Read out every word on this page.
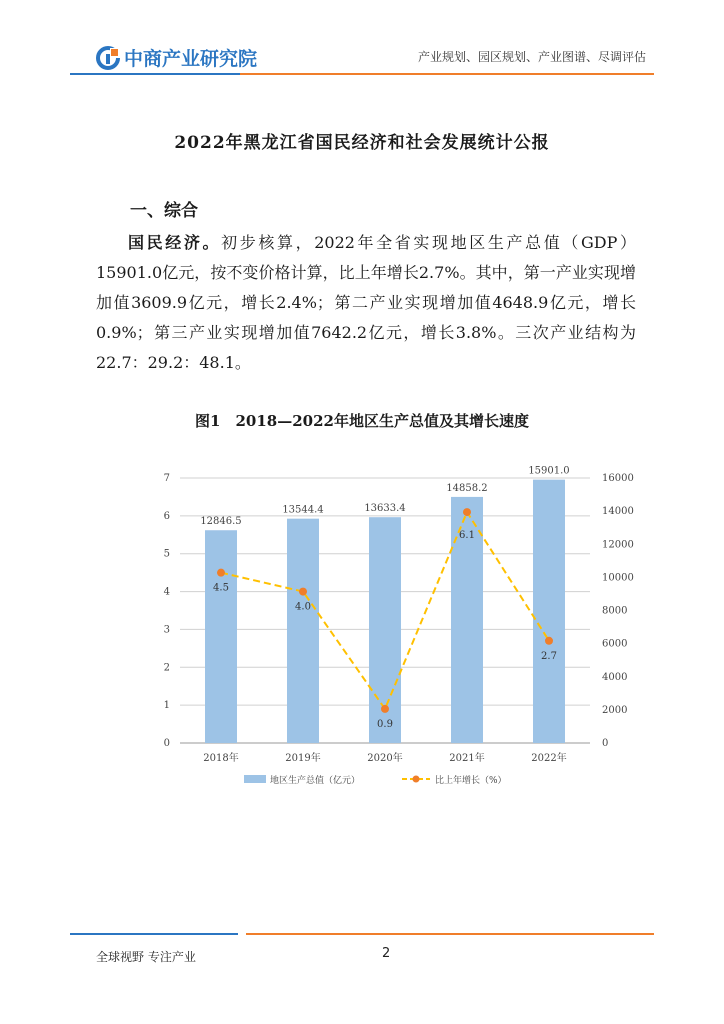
中商产业研究院	产业规划、园区规划、产业图谱、尽调评估
2022年黑龙江省国民经济和社会发展统计公报
一、综合

国民经济。初步核算，2022年全省实现地区生产总值（GDP）15901.0亿元，按不变价格计算，比上年增长2.7%。其中，第一产业实现增加值3609.9亿元，增长2.4%；第二产业实现增加值4648.9亿元，增长0.9%；第三产业实现增加值7642.2亿元，增长3.8%。三次产业结构为22.7：29.2：48.1。

图1　2018—2022年地区生产总值及其增长速度
0
1
2
3
4
5
6
7
0
2000
4000
6000
8000
10000
12000
14000
16000
12846.5
13544.4	13633.4
14858.2
15901.0
2018年	2019年	2020年	2021年	2022年
4.5
4.0
0.9
6.1
2.7
地区生产总值（亿元）	比上年增长（%）
全球视野 专注产业	2
